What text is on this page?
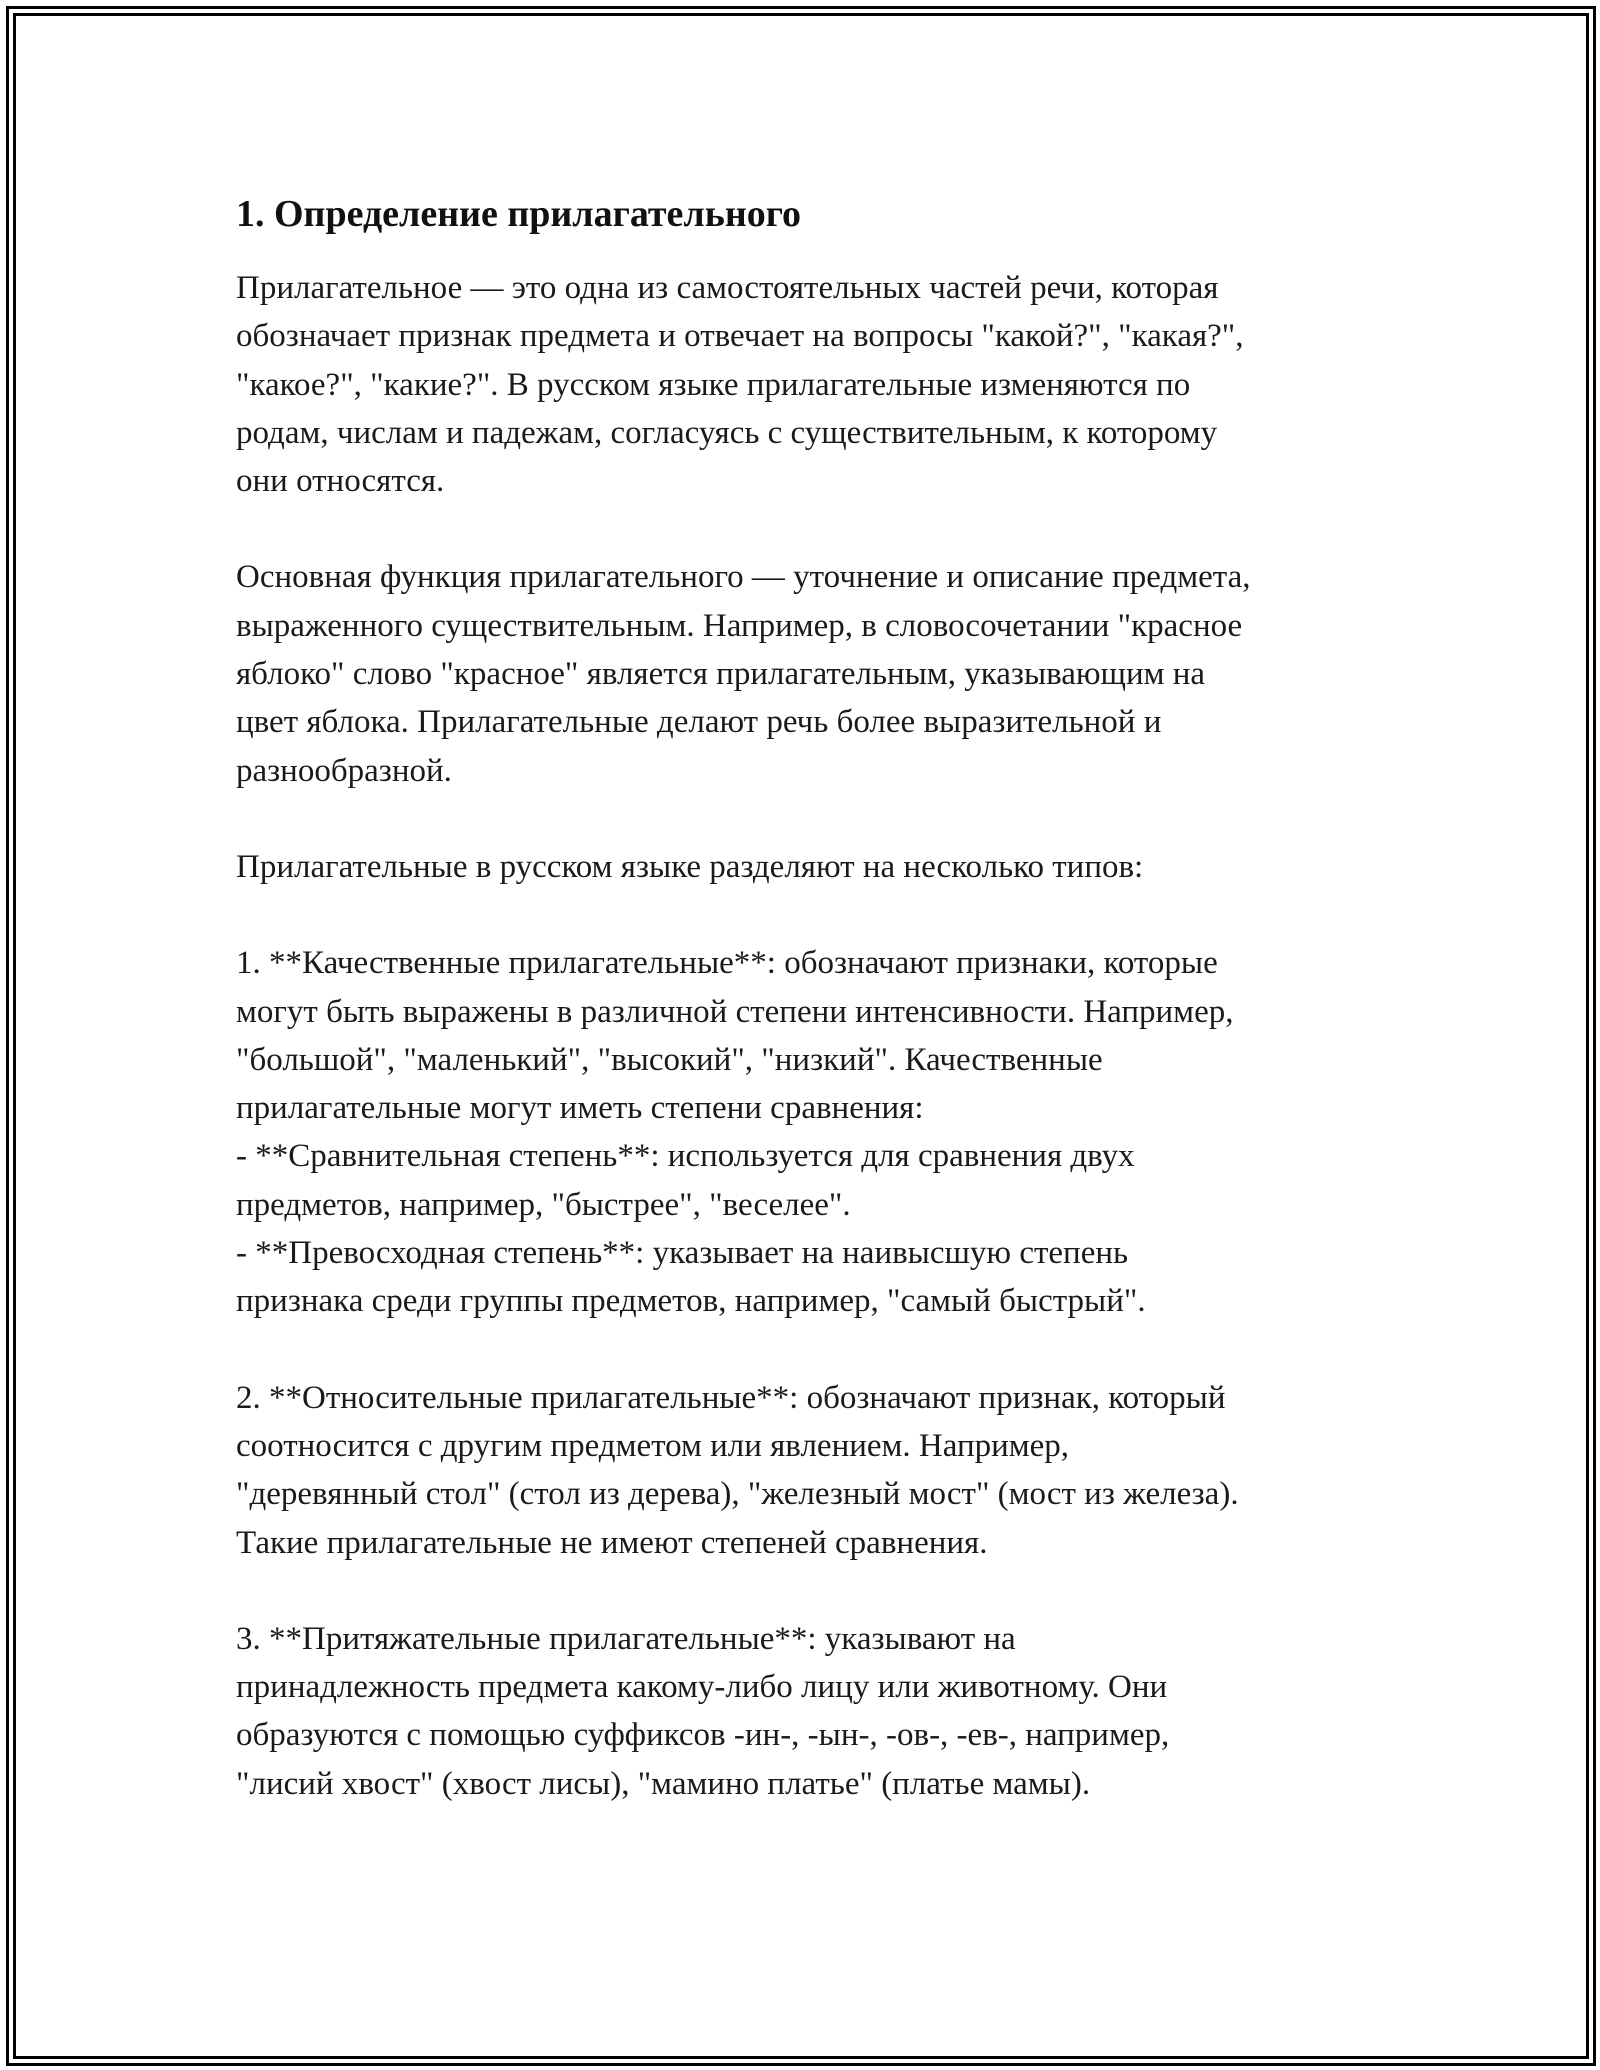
1. Определение прилагательного

Прилагательное — это одна из самостоятельных частей речи, которая
обозначает признак предмета и отвечает на вопросы "какой?", "какая?",
"какое?", "какие?". В русском языке прилагательные изменяются по
родам, числам и падежам, согласуясь с существительным, к которому
они относятся.

Основная функция прилагательного — уточнение и описание предмета,
выраженного существительным. Например, в словосочетании "красное
яблоко" слово "красное" является прилагательным, указывающим на
цвет яблока. Прилагательные делают речь более выразительной и
разнообразной.

Прилагательные в русском языке разделяют на несколько типов:

1. **Качественные прилагательные**: обозначают признаки, которые
могут быть выражены в различной степени интенсивности. Например,
"большой", "маленький", "высокий", "низкий". Качественные
прилагательные могут иметь степени сравнения:
- **Сравнительная степень**: используется для сравнения двух
предметов, например, "быстрее", "веселее".
- **Превосходная степень**: указывает на наивысшую степень
признака среди группы предметов, например, "самый быстрый".

2. **Относительные прилагательные**: обозначают признак, который
соотносится с другим предметом или явлением. Например,
"деревянный стол" (стол из дерева), "железный мост" (мост из железа).
Такие прилагательные не имеют степеней сравнения.

3. **Притяжательные прилагательные**: указывают на
принадлежность предмета какому-либо лицу или животному. Они
образуются с помощью суффиксов -ин-, -ын-, -ов-, -ев-, например,
"лисий хвост" (хвост лисы), "мамино платье" (платье мамы).
